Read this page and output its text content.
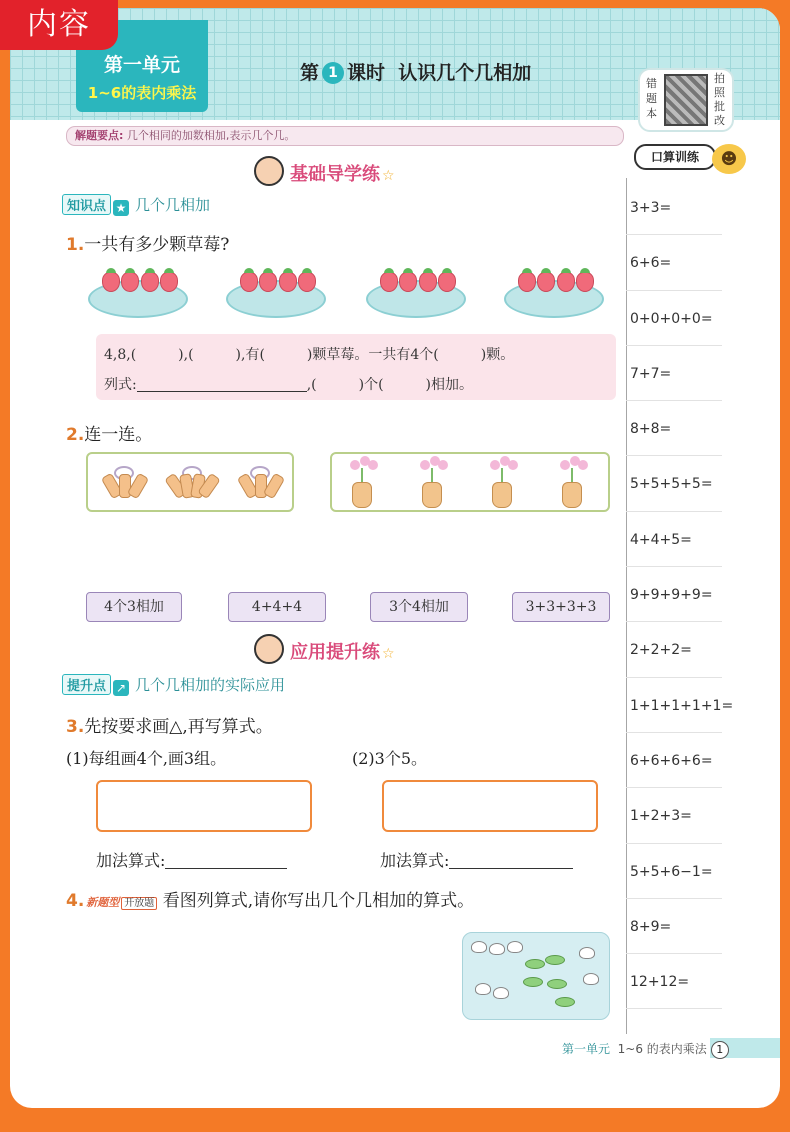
第一单元
1~6的表内乘法
第 1 课时 认识几个几相加	错题本
拍照批改
解题要点: 几个相同的加数相加,表示几个几。
口算训练	☻
3+3=
6+6=
0+0+0+0=
7+7=
8+8=
5+5+5+5=
4+4+5=
9+9+9+9=
2+2+2=
1+1+1+1+1=
6+6+6+6=
1+2+3=
5+5+6−1=
8+9=
12+12=
基础导学练 ☆
知识点 ★ 几个几相加
1.一共有多少颗草莓?
4,8,(　　　),(　　　),有(　　　)颗草莓。一共有4个(　　　)颗。
列式:	,(　　　)个(　　　)相加。
2.连一连。
4个3相加	4+4+4	3个4相加	3+3+3+3
应用提升练 ☆
提升点 ↗ 几个几相加的实际应用
3.先按要求画△,再写算式。
(1)每组画4个,画3组。	(2)3个5。
加法算式:	加法算式:
4. 新题型 开放题 看图列算式,请你写出几个几相加的算式。
第一单元 1~6 的表内乘法 1
内容
